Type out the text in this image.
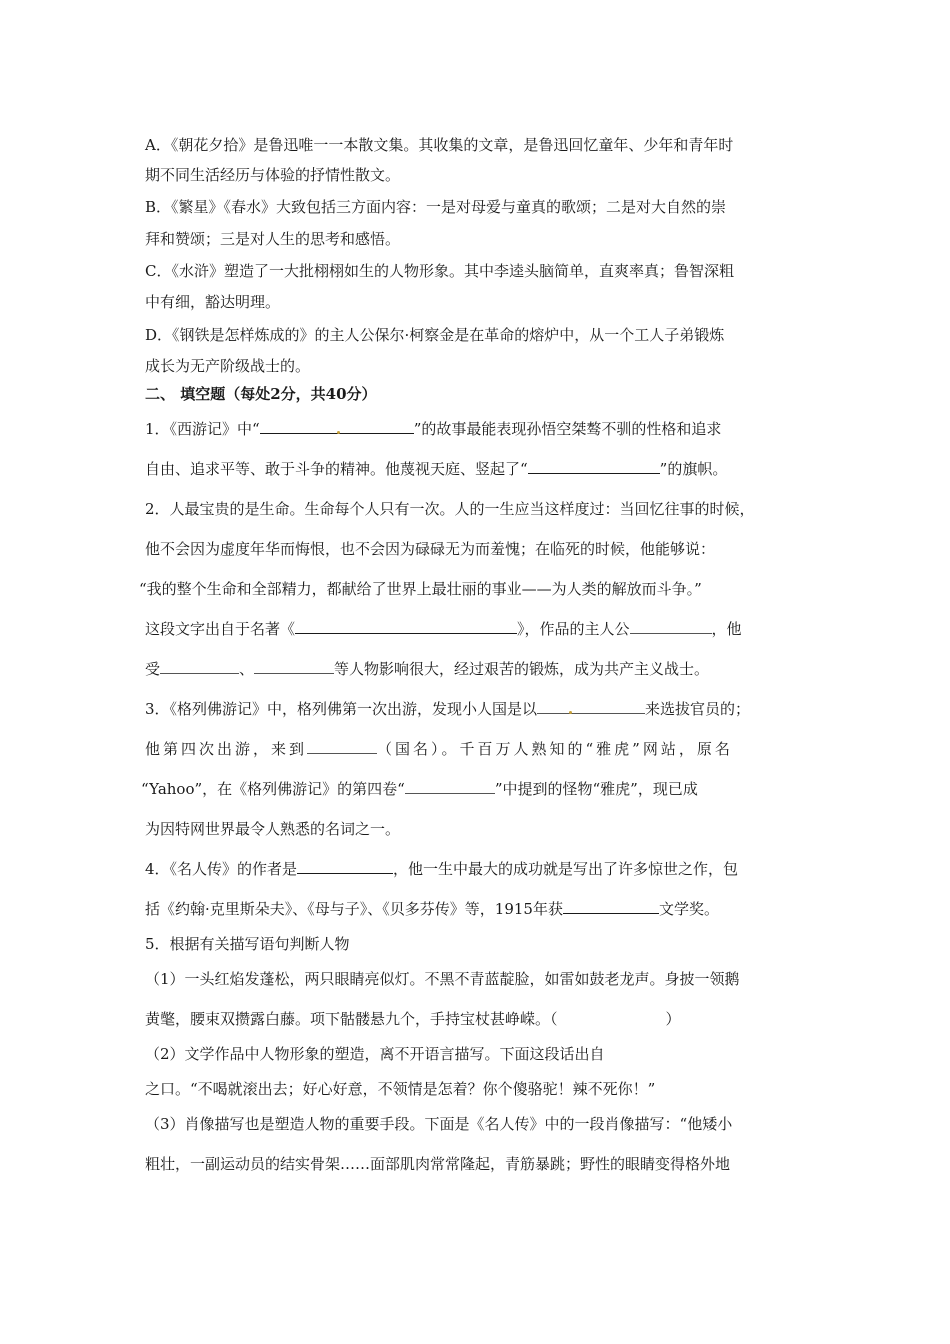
A．《朝花夕拾》是鲁迅唯一一本散文集。其收集的文章，是鲁迅回忆童年、少年和青年时

期不同生活经历与体验的抒情性散文。

B．《繁星》《春水》大致包括三方面内容：一是对母爱与童真的歌颂；二是对大自然的崇

拜和赞颂；三是对人生的思考和感悟。

C．《水浒》塑造了一大批栩栩如生的人物形象。其中李逵头脑简单，直爽率真；鲁智深粗

中有细，豁达明理。

D．《钢铁是怎样炼成的》的主人公保尔·柯察金是在革命的熔炉中，从一个工人子弟锻炼

成长为无产阶级战士的。

二、 填空题（每处2分，共40分）

1．《西游记》中“	”的故事最能表现孙悟空桀骜不驯的性格和追求

自由、追求平等、敢于斗争的精神。他蔑视天庭、竖起了“	”的旗帜。

2．人最宝贵的是生命。生命每个人只有一次。人的一生应当这样度过：当回忆往事的时候，

他不会因为虚度年华而悔恨，也不会因为碌碌无为而羞愧；在临死的时候，他能够说：

“我的整个生命和全部精力，都献给了世界上最壮丽的事业——为人类的解放而斗争。”

这段文字出自于名著《	》，作品的主人公	，他

受	、	等人物影响很大，经过艰苦的锻炼，成为共产主义战士。

3．《格列佛游记》中，格列佛第一次出游，发现小人国是以	来选拔官员的；

他第四次出游，来到	（国名）。千百万人熟知的“雅虎”网站，原名

“Yahoo”，在《格列佛游记》的第四卷“	”中提到的怪物“雅虎”，现已成

为因特网世界最令人熟悉的名词之一。

4．《名人传》的作者是	，他一生中最大的成功就是写出了许多惊世之作，包

括《约翰·克里斯朵夫》、《母与子》、《贝多芬传》等，1915年获	文学奖。

5．根据有关描写语句判断人物

（1）一头红焰发蓬松，两只眼睛亮似灯。不黑不青蓝靛脸，如雷如鼓老龙声。身披一领鹅

黄氅，腰束双攒露白藤。项下骷髅悬九个，手持宝杖甚峥嵘。（	）

（2）文学作品中人物形象的塑造，离不开语言描写。下面这段话出自

之口。“不喝就滚出去；好心好意，不领情是怎着？你个傻骆驼！辣不死你！”

（3）肖像描写也是塑造人物的重要手段。下面是《名人传》中的一段肖像描写：“他矮小

粗壮，一副运动员的结实骨架……面部肌肉常常隆起，青筋暴跳；野性的眼睛变得格外地
